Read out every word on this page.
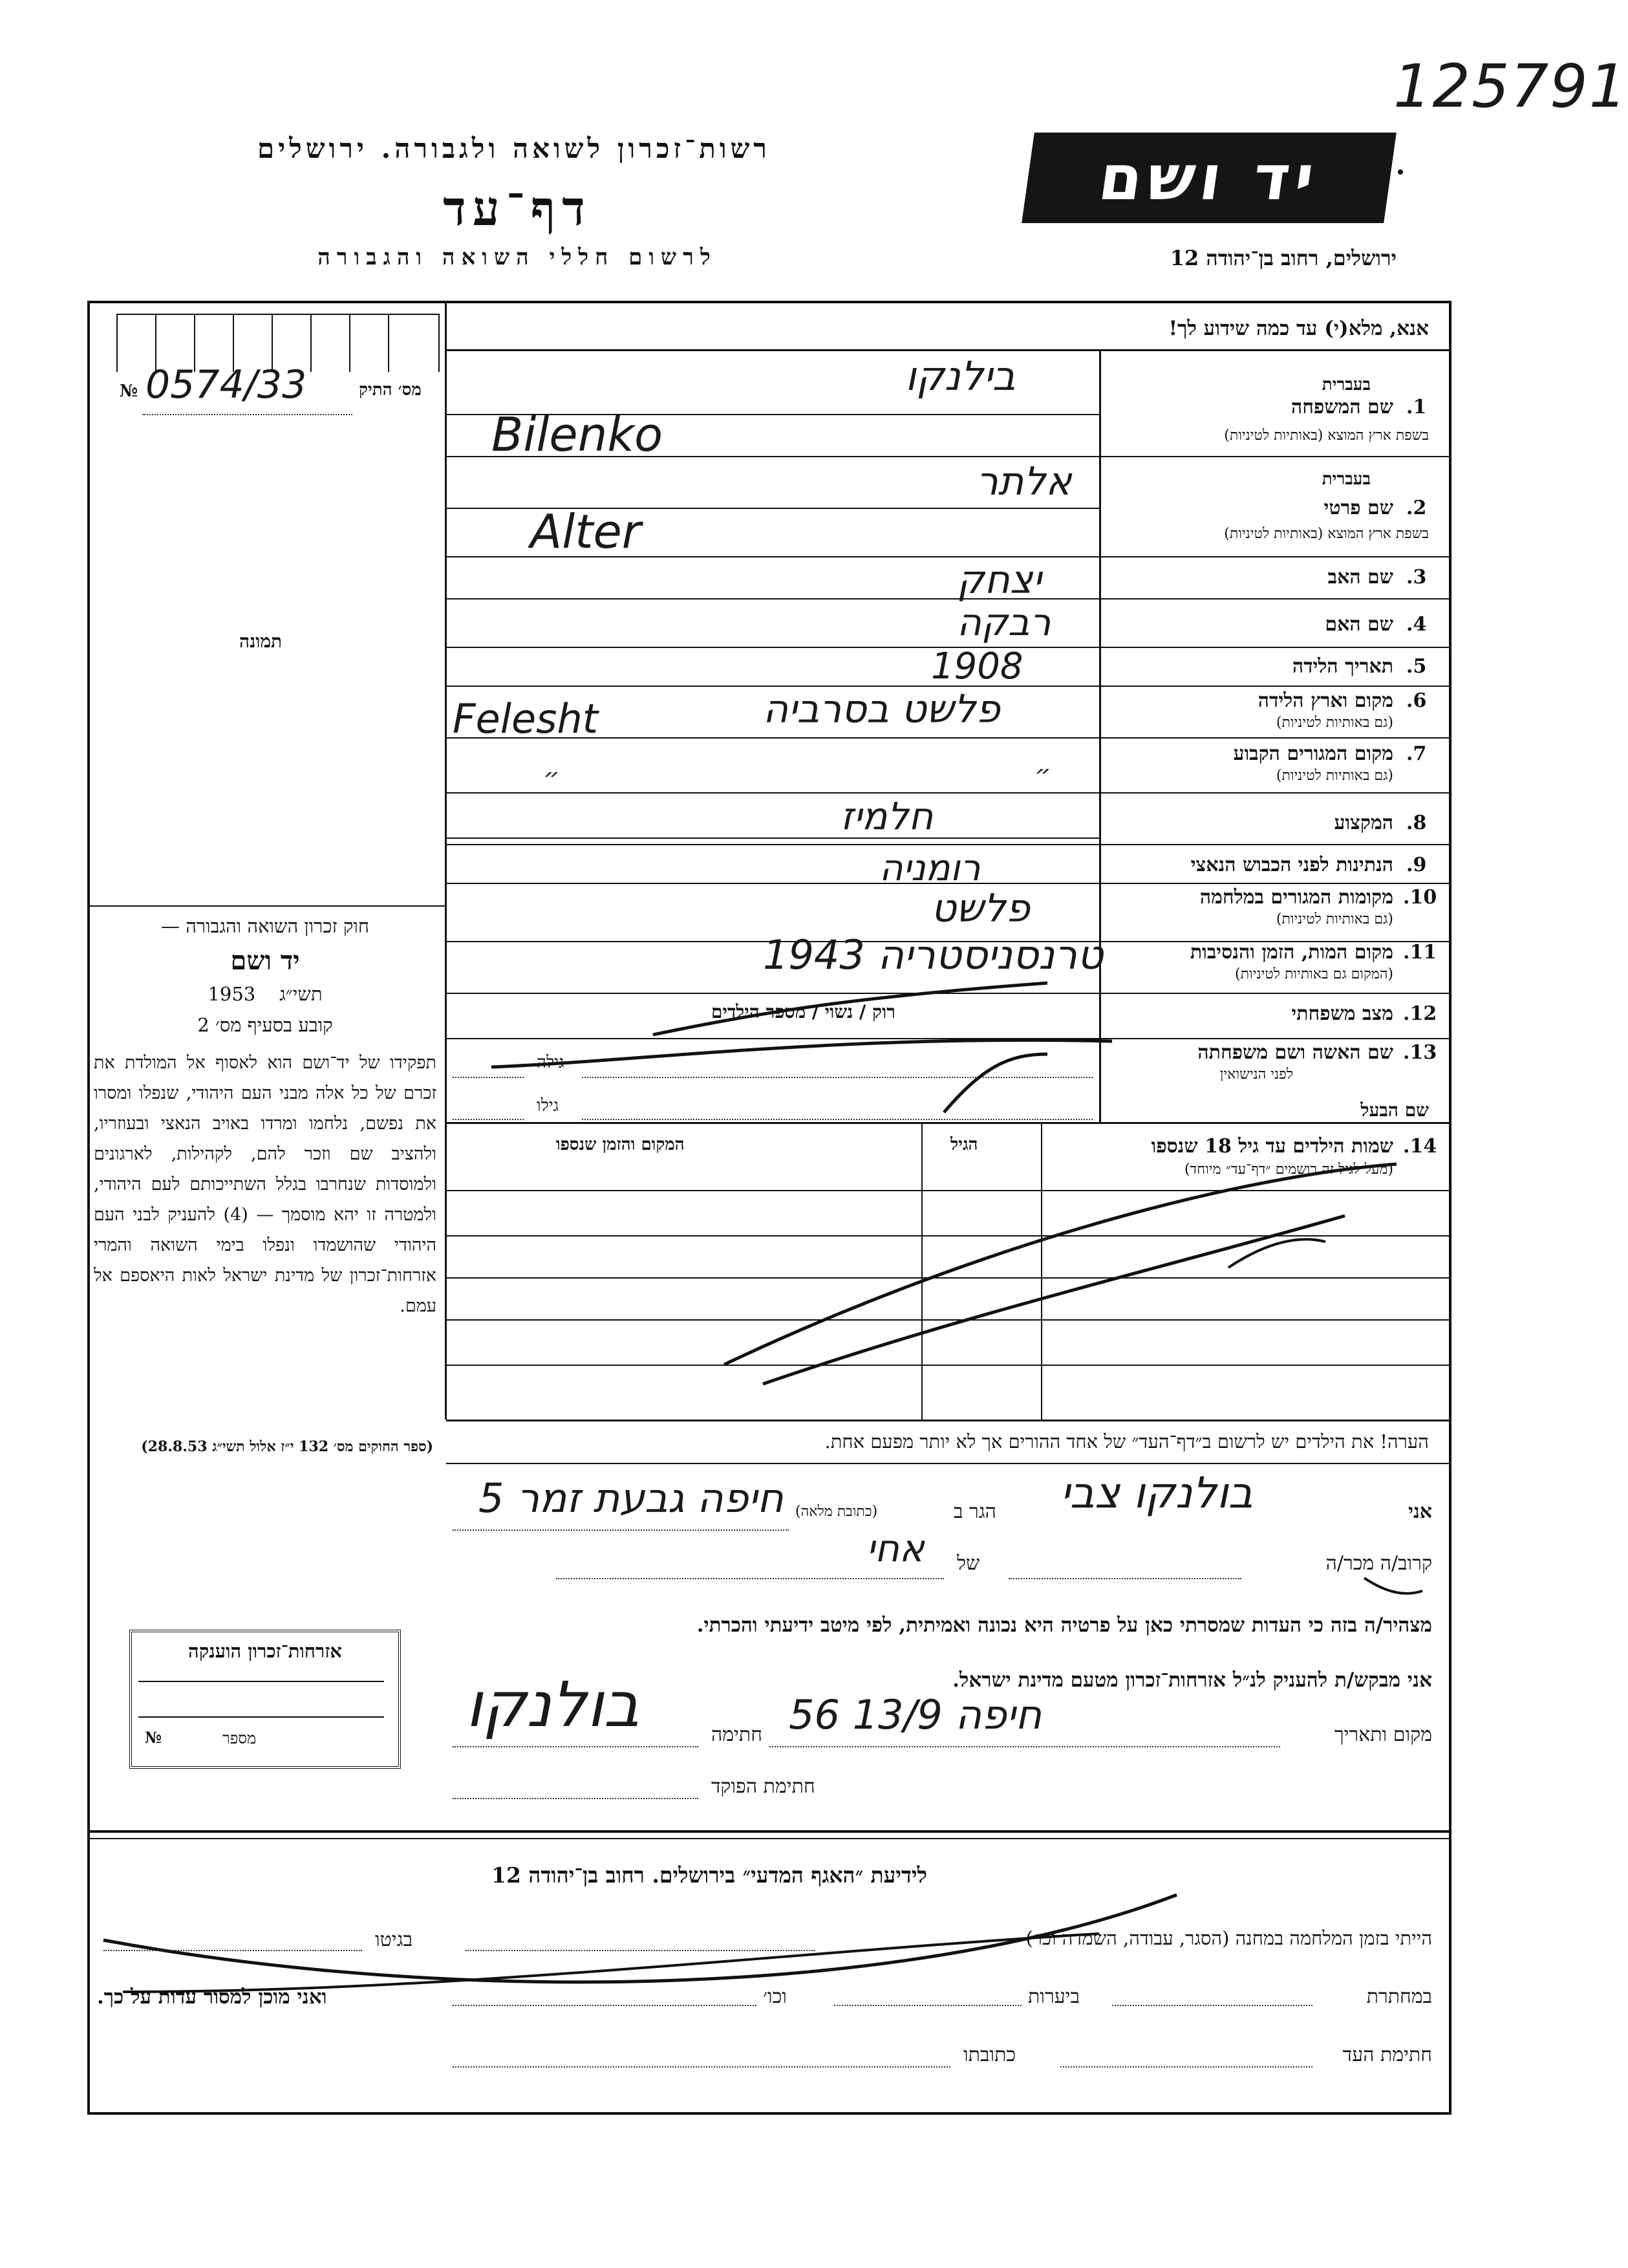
125791
רשות־זכרון לשואה ולגבורה. ירושלים
דף־עד
לרשום חללי השואה והגבורה
יד ושם
ירושלים, רחוב בן־יהודה 12
אנא, מלא(י) עד כמה שידוע לך!
№ 0574/33	מס׳ התיק
תמונה
1.
שם המשפחה
בעברית
בשפת ארץ המוצא (באותיות לטיניות)
בילנקו
Bilenko
2.
שם פרטי
בעברית
בשפת ארץ המוצא (באותיות לטיניות)
אלתר
Alter
3.
שם האב
יצחק
4.
שם האם
רבקה
5.
תאריך הלידה
1908
6.
מקום וארץ הלידה
(גם באותיות לטיניות)
פלשט בסרביה
Felesht
7.
מקום המגורים הקבוע
(גם באותיות לטיניות)
״
״
8.
המקצוע
חלמיז
9.
הנתינות לפני הכבוש הנאצי
רומניה
10.
מקומות המגורים במלחמה
(גם באותיות לטיניות)
פלשט
11.
מקום המות, הזמן והנסיבות
(המקום גם באותיות לטיניות)
טרנסניסטריה 1943
12.
מצב משפחתי
רוק / נשוי / מספר הילדים
13.
שם האשה ושם משפחתה
לפני הנישואין
גילה
שם הבעל
גילו
14.
שמות הילדים עד גיל 18 שנספו
(מעל לגיל זה רושמים ״דף־עד״ מיוחד)
הגיל
המקום והזמן שנספו
הערה! את הילדים יש לרשום ב״דף־העד״ של אחד ההורים אך לא יותר מפעם אחת.
חוק זכרון השואה והגבורה —
יד ושם
1953 תשי״ג
קובע בסעיף מס׳ 2
תפקידו של יד־ושם הוא לאסוף אל המולדת את זכרם של כל אלה מבני העם היהודי, שנפלו ומסרו את נפשם, נלחמו ומרדו באויב הנאצי ובעוזריו, ולהציב שם וזכר להם, לקהילות, לארגונים ולמוסדות שנחרבו בגלל השתייכותם לעם היהודי, ולמטרה זו יהא מוסמך — (4) להעניק לבני העם היהודי שהושמדו ונפלו בימי השואה והמרי אזרחות־זכרון של מדינת ישראל לאות היאספם אל עמם.
(ספר החוקים מס׳ 132 י״ז אלול תשי״ג 28.8.53)
אני
בולנקו צבי
הגר ב
(כתובת מלאה)
חיפה גבעת זמר 5
קרוב/ה מכר/ה
אחי של
מצהיר/ה בזה כי העדות שמסרתי כאן על פרטיה היא נכונה ואמיתית, לפי מיטב ידיעתי והכרתי.
אני מבקש/ת להעניק לנ״ל אזרחות־זכרון מטעם מדינת ישראל.
מקום ותאריך
חיפה 13/9 56
חתימה
בולנקו
חתימת הפוקד
אזרחות־זכרון הוענקה
№	מספר
לידיעת ״האגף המדעי״ בירושלים. רחוב בן־יהודה 12
הייתי בזמן המלחמה במחנה (הסגר, עבודה, השמדה וכו׳)
בגיטו
במחתרת
ביערות
וכו׳
ואני מוכן למסור עדות על כך.
חתימת העד
כתובתו
